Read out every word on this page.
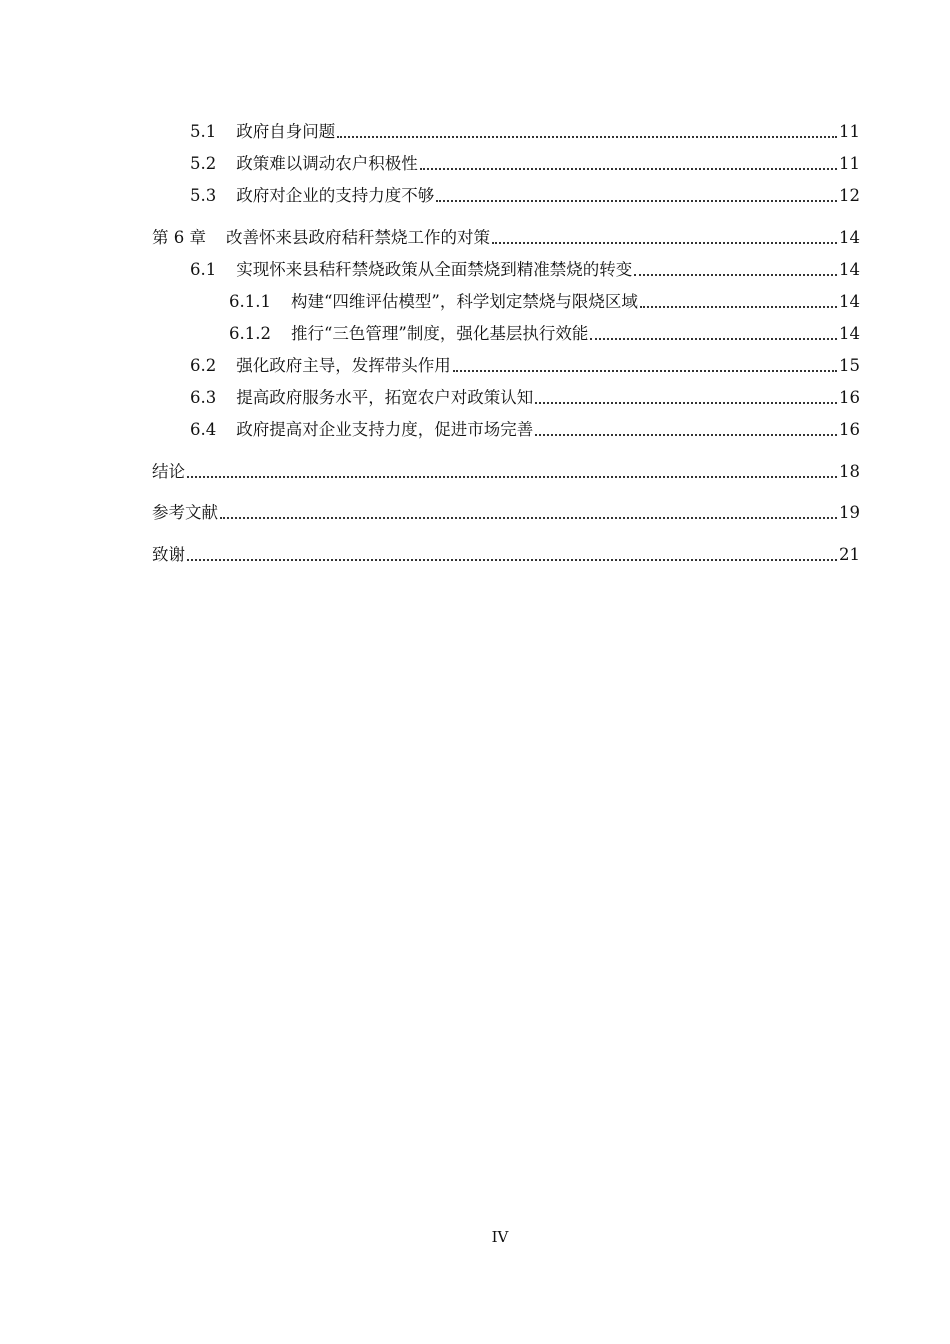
5.1 政府自身问题	11
5.2 政策难以调动农户积极性	11
5.3 政府对企业的支持力度不够	12
第 6 章 改善怀来县政府秸秆禁烧工作的对策	14
6.1 实现怀来县秸秆禁烧政策从全面禁烧到精准禁烧的转变	14
6.1.1 构建“四维评估模型”，科学划定禁烧与限烧区域	14
6.1.2 推行“三色管理”制度，强化基层执行效能	14
6.2 强化政府主导，发挥带头作用	15
6.3 提高政府服务水平，拓宽农户对政策认知	16
6.4 政府提高对企业支持力度，促进市场完善	16
结论	18
参考文献	19
致谢	21
IV
